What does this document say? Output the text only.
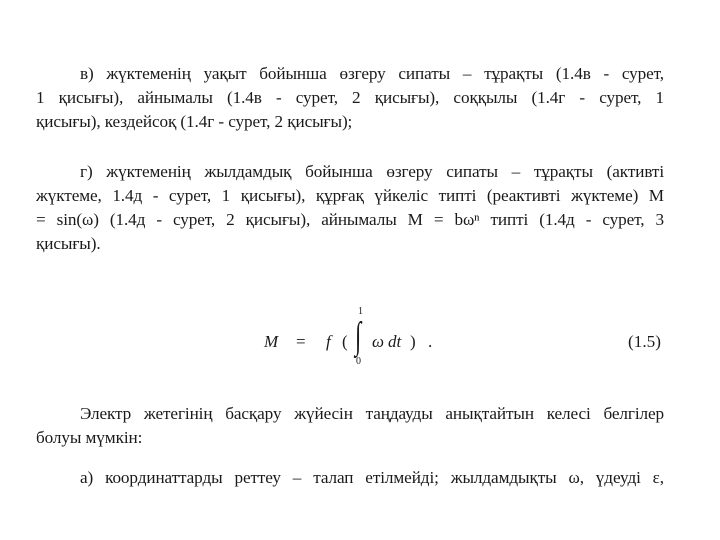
в) жүктеменің уақыт бойынша өзгеру сипаты – тұрақты (1.4в - сурет,
1 қисығы), айнымалы (1.4в - сурет, 2 қисығы), соққылы (1.4г - сурет, 1
қисығы), кездейсоқ (1.4г - сурет, 2 қисығы);
г) жүктеменің жылдамдық бойынша өзгеру сипаты – тұрақты (активті
жүктеме, 1.4д - сурет, 1 қисығы), құрғақ үйкеліс типті (реактивті жүктеме) M
= sin(ω) (1.4д - сурет, 2 қисығы), айнымалы M = bωⁿ типті (1.4д - сурет, 3
қисығы).
M = f ( ∫
1
0
ω dt ) .	(1.5)
Электр жетегінің басқару жүйесін таңдауды анықтайтын келесі белгілер
болуы мүмкін:
а) координаттарды реттеу – талап етілмейді; жылдамдықты ω, үдеуді ε,
